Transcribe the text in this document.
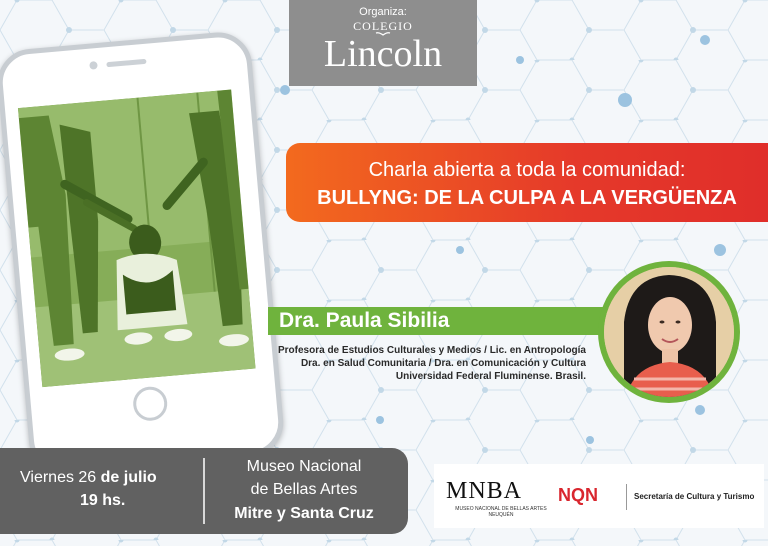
Organiza:
COLEGIO
Lincoln
Charla abierta a toda la comunidad:
BULLYNG: DE LA CULPA A LA VERGÜENZA
Dra. Paula Sibilia
Profesora de Estudios Culturales y Medios / Lic. en Antropología
Dra. en Salud Comunitaria / Dra. en Comunicación y Cultura
Universidad Federal Fluminense. Brasil.
Viernes 26 de julio
19 hs.
Museo Nacional
de Bellas Artes
Mitre y Santa Cruz
MNBA
MUSEO NACIONAL DE BELLAS ARTES NEUQUÉN
NQN	Secretaría de Cultura y Turismo
